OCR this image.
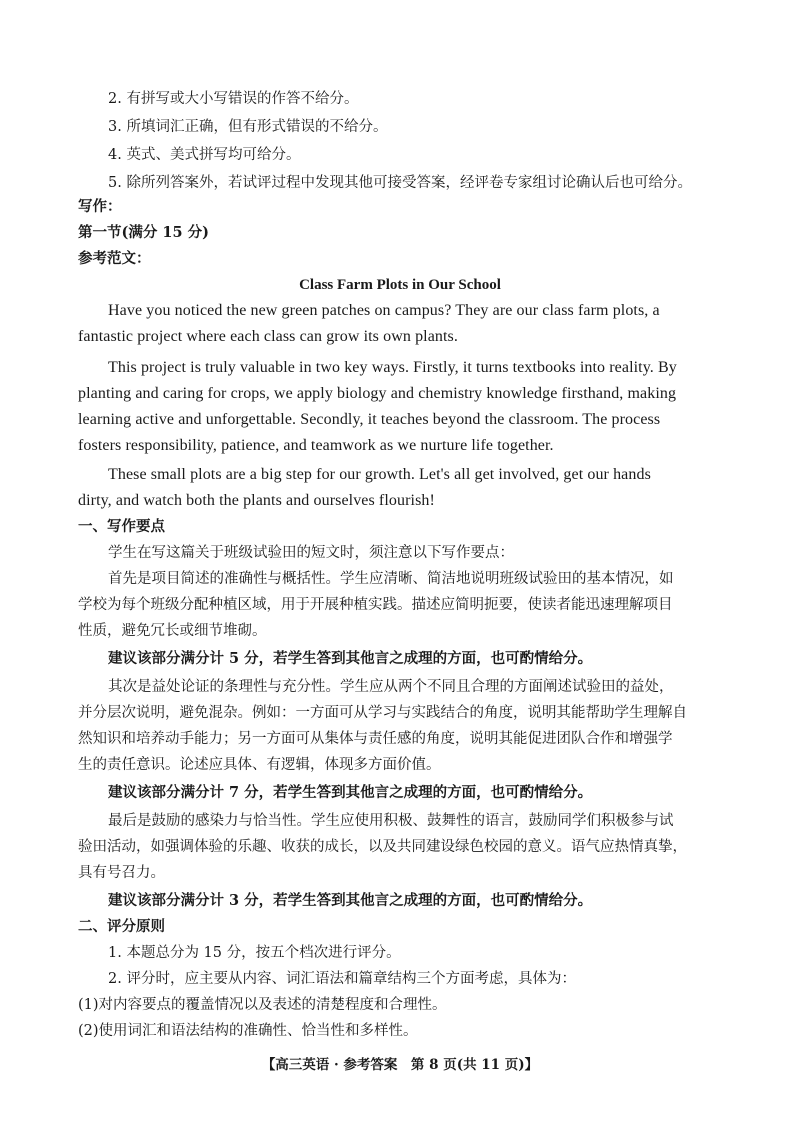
2. 有拼写或大小写错误的作答不给分。
3. 所填词汇正确，但有形式错误的不给分。
4. 英式、美式拼写均可给分。
5. 除所列答案外，若试评过程中发现其他可接受答案，经评卷专家组讨论确认后也可给分。
写作：
第一节(满分 15 分)
参考范文：
Class Farm Plots in Our School
Have you noticed the new green patches on campus? They are our class farm plots, a
fantastic project where each class can grow its own plants.
This project is truly valuable in two key ways. Firstly, it turns textbooks into reality. By
planting and caring for crops, we apply biology and chemistry knowledge firsthand, making
learning active and unforgettable. Secondly, it teaches beyond the classroom. The process
fosters responsibility, patience, and teamwork as we nurture life together.
These small plots are a big step for our growth. Let's all get involved, get our hands
dirty, and watch both the plants and ourselves flourish!
一、写作要点
学生在写这篇关于班级试验田的短文时，须注意以下写作要点：
首先是项目简述的准确性与概括性。学生应清晰、简洁地说明班级试验田的基本情况，如
学校为每个班级分配种植区域，用于开展种植实践。描述应简明扼要，使读者能迅速理解项目
性质，避免冗长或细节堆砌。
建议该部分满分计 5 分，若学生答到其他言之成理的方面，也可酌情给分。
其次是益处论证的条理性与充分性。学生应从两个不同且合理的方面阐述试验田的益处，
并分层次说明，避免混杂。例如：一方面可从学习与实践结合的角度，说明其能帮助学生理解自
然知识和培养动手能力；另一方面可从集体与责任感的角度，说明其能促进团队合作和增强学
生的责任意识。论述应具体、有逻辑，体现多方面价值。
建议该部分满分计 7 分，若学生答到其他言之成理的方面，也可酌情给分。
最后是鼓励的感染力与恰当性。学生应使用积极、鼓舞性的语言，鼓励同学们积极参与试
验田活动，如强调体验的乐趣、收获的成长，以及共同建设绿色校园的意义。语气应热情真挚，
具有号召力。
建议该部分满分计 3 分，若学生答到其他言之成理的方面，也可酌情给分。
二、评分原则
1. 本题总分为 15 分，按五个档次进行评分。
2. 评分时，应主要从内容、词汇语法和篇章结构三个方面考虑，具体为：
(1)对内容要点的覆盖情况以及表述的清楚程度和合理性。
(2)使用词汇和语法结构的准确性、恰当性和多样性。
【高三英语 · 参考答案　第 8 页(共 11 页)】
